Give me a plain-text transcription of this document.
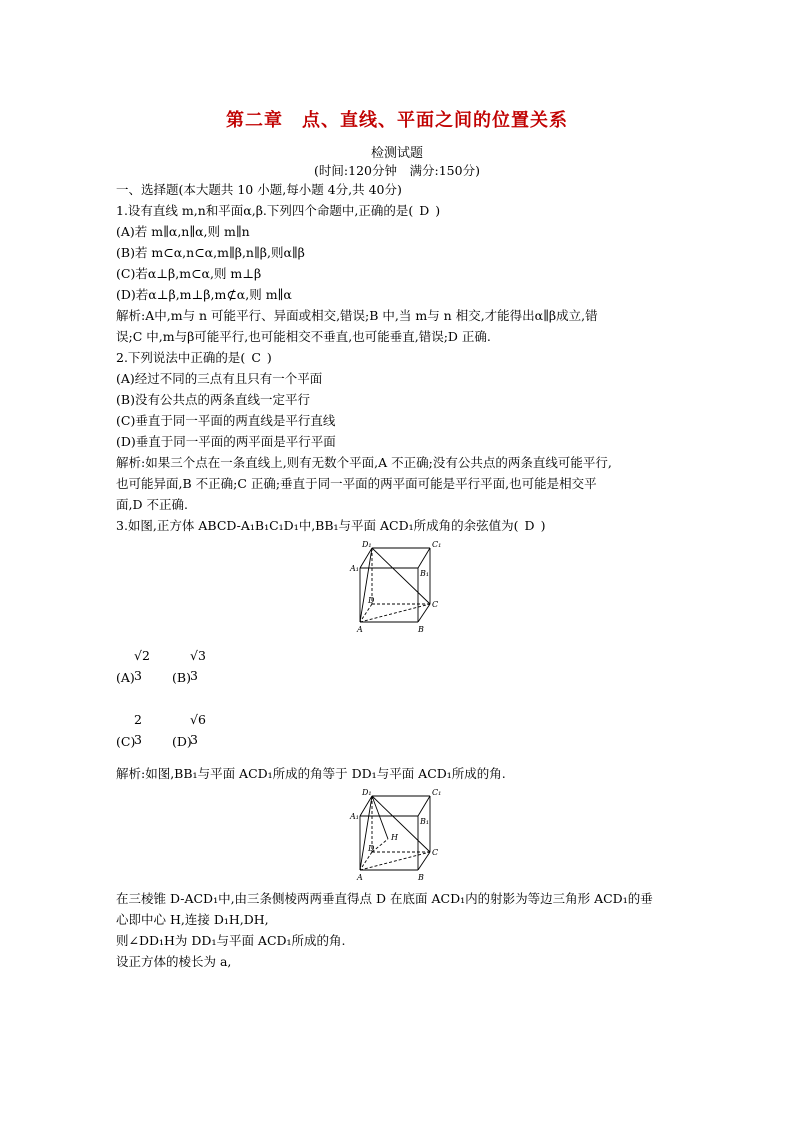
第二章　点、直线、平面之间的位置关系
检测试题
(时间:120分钟　满分:150分)
一、选择题(本大题共 10 小题,每小题 4分,共 40分)
1.设有直线 m,n和平面α,β.下列四个命题中,正确的是( D )
(A)若 m∥α,n∥α,则 m∥n
(B)若 m⊂α,n⊂α,m∥β,n∥β,则α∥β
(C)若α⊥β,m⊂α,则 m⊥β
(D)若α⊥β,m⊥β,m⊄α,则 m∥α
解析:A中,m与 n 可能平行、异面或相交,错误;B 中,当 m与 n 相交,才能得出α∥β成立,错
误;C 中,m与β可能平行,也可能相交不垂直,也可能垂直,错误;D 正确.
2.下列说法中正确的是( C )
(A)经过不同的三点有且只有一个平面
(B)没有公共点的两条直线一定平行
(C)垂直于同一平面的两直线是平行直线
(D)垂直于同一平面的两平面是平行平面
解析:如果三个点在一条直线上,则有无数个平面,A 不正确;没有公共点的两条直线可能平行,
也可能异面,B 不正确;C 正确;垂直于同一平面的两平面可能是平行平面,也可能是相交平
面,D 不正确.
3.如图,正方体 ABCD-A₁B₁C₁D₁中,BB₁与平面 ACD₁所成角的余弦值为( D )
D₁	C₁
A₁
B₁
D	C
A	B
(A)
√2
3 (B)
√3
3
(C)
2
3 (D)
√6
3
解析:如图,BB₁与平面 ACD₁所成的角等于 DD₁与平面 ACD₁所成的角.
D₁	C₁
A₁
B₁
H
D	C
A	B
在三棱锥 D-ACD₁中,由三条侧棱两两垂直得点 D 在底面 ACD₁内的射影为等边三角形 ACD₁的垂
心即中心 H,连接 D₁H,DH,
则∠DD₁H为 DD₁与平面 ACD₁所成的角.
设正方体的棱长为 a,
